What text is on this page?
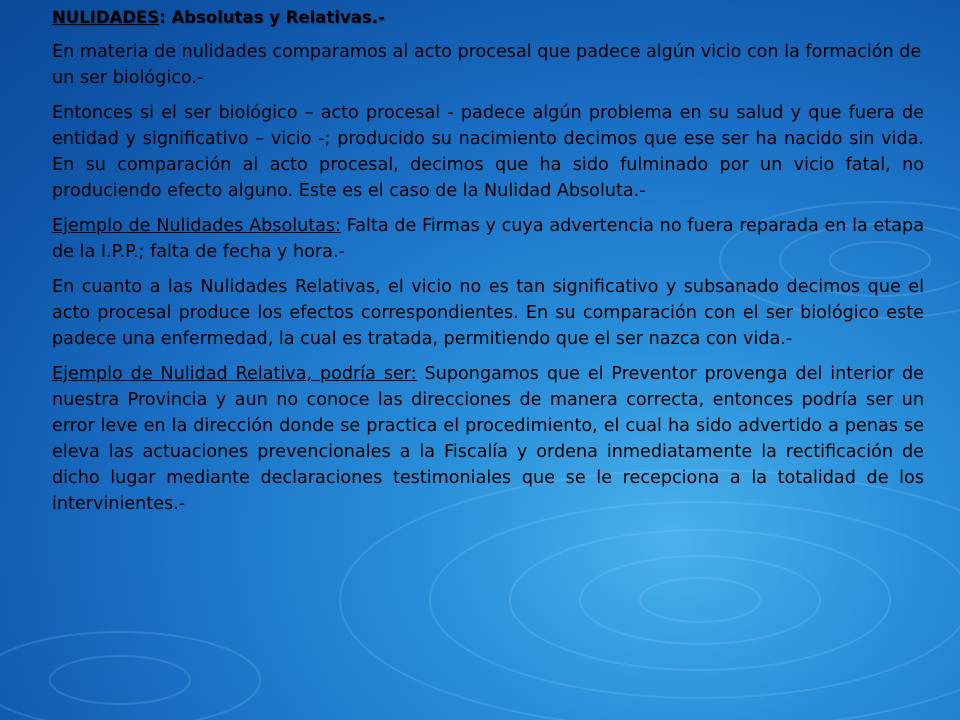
NULIDADES: Absolutas y Relativas.-

En materia de nulidades comparamos al acto procesal que padece algún vicio con la formación de un ser biológico.-

Entonces si el ser biológico – acto procesal - padece algún problema en su salud y que fuera de entidad y significativo – vicio -; producido su nacimiento decimos que ese ser ha nacido sin vida. En su comparación al acto procesal, decimos que ha sido fulminado por un vicio fatal, no produciendo efecto alguno. Este es el caso de la Nulidad Absoluta.-

Ejemplo de Nulidades Absolutas: Falta de Firmas y cuya advertencia no fuera reparada en la etapa de la I.P.P.; falta de fecha y hora.-

En cuanto a las Nulidades Relativas, el vicio no es tan significativo y subsanado decimos que el acto procesal produce los efectos correspondientes. En su comparación con el ser biológico este padece una enfermedad, la cual es tratada, permitiendo que el ser nazca con vida.-

Ejemplo de Nulidad Relativa, podría ser: Supongamos que el Preventor provenga del interior de nuestra Provincia y aun no conoce las direcciones de manera correcta, entonces podría ser un error leve en la dirección donde se practica el procedimiento, el cual ha sido advertido a penas se eleva las actuaciones prevencionales a la Fiscalía y ordena inmediatamente la rectificación de dicho lugar mediante declaraciones testimoniales que se le recepciona a la totalidad de los intervinientes.-
